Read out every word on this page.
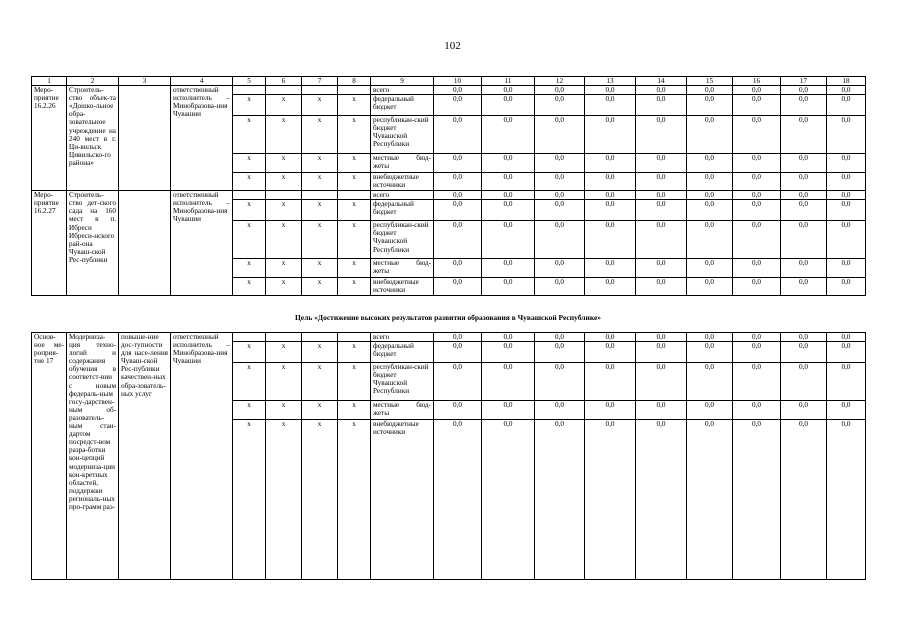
102
1	2	3	4	5	6	7	8	9	10	11	12	13	14	15	16	17	18
Меро-приятие 16.2.26	Строитель-ство объек-та «Дошко-льное обра-зовательное учреждение на 240 мест в г. Ци-вильск Цивильско-го района»		ответственный исполнитель – Минобразова-ния Чувашии					всего	0,0	0,0	0,0	0,0	0,0	0,0	0,0	0,0	0,0
				x	x	x	x	федеральный бюджет	0,0	0,0	0,0	0,0	0,0	0,0	0,0	0,0	0,0
				x	x	x	x	республикан-ский бюджет Чувашской Республики	0,0	0,0	0,0	0,0	0,0	0,0	0,0	0,0	0,0
				x	x	x	x	местные бюд-жеты	0,0	0,0	0,0	0,0	0,0	0,0	0,0	0,0	0,0
				x	x	x	x	внебюджетные источники	0,0	0,0	0,0	0,0	0,0	0,0	0,0	0,0	0,0
Меро-приятие 16.2.27	Строитель-ство дет-ского сада на 160 мест в п. Ибреси Ибреси-нского рай-она Чуваш-ской Рес-публики		ответственный исполнитель – Минобразова-ния Чувашии					всего	0,0	0,0	0,0	0,0	0,0	0,0	0,0	0,0	0,0
				x	x	x	x	федеральный бюджет	0,0	0,0	0,0	0,0	0,0	0,0	0,0	0,0	0,0
				x	x	x	x	республикан-ский бюджет Чувашской Республики	0,0	0,0	0,0	0,0	0,0	0,0	0,0	0,0	0,0
				x	x	x	x	местные бюд-жеты	0,0	0,0	0,0	0,0	0,0	0,0	0,0	0,0	0,0
				x	x	x	x	внебюджетные источники	0,0	0,0	0,0	0,0	0,0	0,0	0,0	0,0	0,0
Цель «Достижение высоких результатов развития образования в Чувашской Республике»
Основ-ное ме-роприя-тие 17	Модерниза-ция техно-логий и содержания обучения в соответст-вии с новым федераль-ным госу-дарствен-ным об-разователь-ным стан-дартом посредст-вом разра-ботки кон-цепций модерниза-ции кон-кретных областей, поддержки региональ-ных про-грамм раз-	повыше-ние дос-тупности для насе-ления Чуваш-ской Рес-публики качествен-ных обра-зователь-ных услуг	ответственный исполнитель – Минобразова-ния Чувашии					всего	0,0	0,0	0,0	0,0	0,0	0,0	0,0	0,0	0,0
				x	x	x	x	федеральный бюджет	0,0	0,0	0,0	0,0	0,0	0,0	0,0	0,0	0,0
				x	x	x	x	республикан-ский бюджет Чувашской Республики	0,0	0,0	0,0	0,0	0,0	0,0	0,0	0,0	0,0
				x	x	x	x	местные бюд-жеты	0,0	0,0	0,0	0,0	0,0	0,0	0,0	0,0	0,0
				x	x	x	x	внебюджетные источники	0,0	0,0	0,0	0,0	0,0	0,0	0,0	0,0	0,0
